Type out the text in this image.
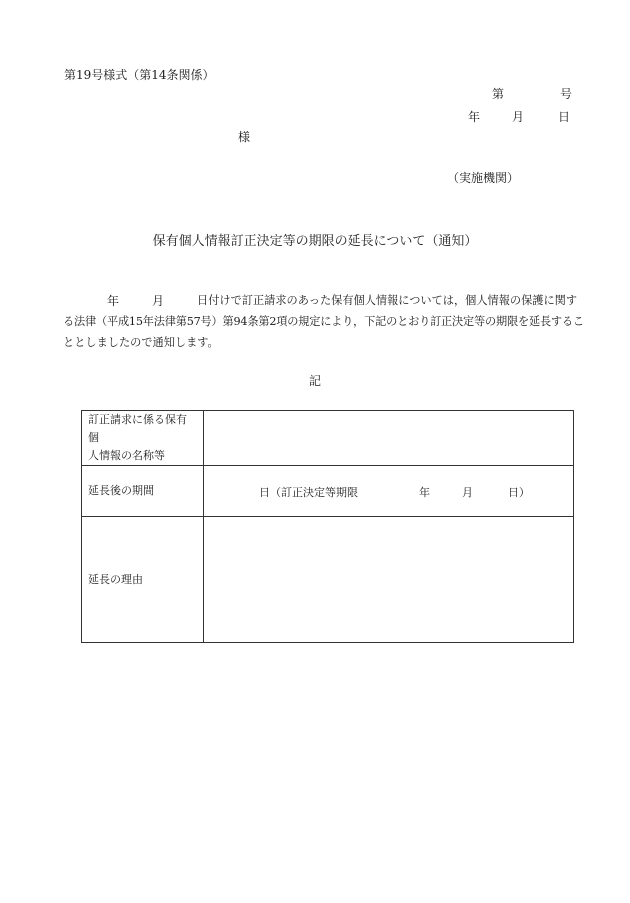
第19号様式（第14条関係）
第	号
年	月	日
様
（実施機関）
保有個人情報訂正決定等の期限の延長について（通知）
年	月	日付けで訂正請求のあった保有個人情報については，個人情報の保護に関す
る法律（平成15年法律第57号）第94条第2項の規定により，下記のとおり訂正決定等の期限を延長するこ
ととしましたので通知します。
記
訂正請求に係る保有個
人情報の名称等	

延長後の期間	日（訂正決定等期限 年 月 日）

延長の理由	
